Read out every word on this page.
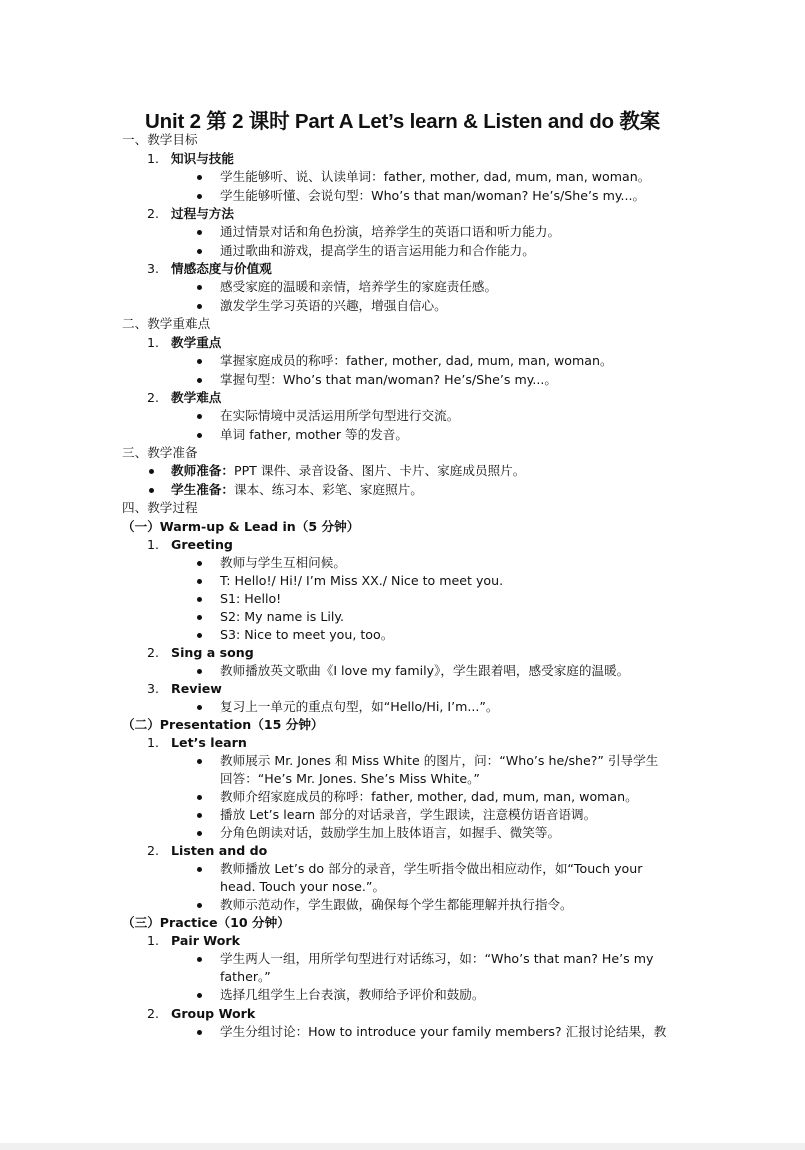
Unit 2 第 2 课时 Part A Let’s learn & Listen and do 教案
一、教学目标
1. 知识与技能
学生能够听、说、认读单词：father, mother, dad, mum, man, woman。
学生能够听懂、会说句型：Who’s that man/woman? He’s/She’s my...。
2. 过程与方法
通过情景对话和角色扮演，培养学生的英语口语和听力能力。
通过歌曲和游戏，提高学生的语言运用能力和合作能力。
3. 情感态度与价值观
感受家庭的温暖和亲情，培养学生的家庭责任感。
激发学生学习英语的兴趣，增强自信心。
二、教学重难点
1. 教学重点
掌握家庭成员的称呼：father, mother, dad, mum, man, woman。
掌握句型：Who’s that man/woman? He’s/She’s my...。
2. 教学难点
在实际情境中灵活运用所学句型进行交流。
单词 father, mother 等的发音。
三、教学准备
教师准备：PPT 课件、录音设备、图片、卡片、家庭成员照片。
学生准备：课本、练习本、彩笔、家庭照片。
四、教学过程
（一）Warm-up & Lead in（5 分钟）
1. Greeting
教师与学生互相问候。
T: Hello!/ Hi!/ I’m Miss XX./ Nice to meet you.
S1: Hello!
S2: My name is Lily.
S3: Nice to meet you, too。
2. Sing a song
教师播放英文歌曲《I love my family》，学生跟着唱，感受家庭的温暖。
3. Review
复习上一单元的重点句型，如“Hello/Hi, I’m...”。
（二）Presentation（15 分钟）
1. Let’s learn
教师展示 Mr. Jones 和 Miss White 的图片，问：“Who’s he/she?” 引导学生
回答：“He’s Mr. Jones. She’s Miss White。”
教师介绍家庭成员的称呼：father, mother, dad, mum, man, woman。
播放 Let’s learn 部分的对话录音，学生跟读，注意模仿语音语调。
分角色朗读对话，鼓励学生加上肢体语言，如握手、微笑等。
2. Listen and do
教师播放 Let’s do 部分的录音，学生听指令做出相应动作，如“Touch your
head. Touch your nose.”。
教师示范动作，学生跟做，确保每个学生都能理解并执行指令。
（三）Practice（10 分钟）
1. Pair Work
学生两人一组，用所学句型进行对话练习，如：“Who’s that man? He’s my
father。”
选择几组学生上台表演，教师给予评价和鼓励。
2. Group Work
学生分组讨论：How to introduce your family members? 汇报讨论结果，教
